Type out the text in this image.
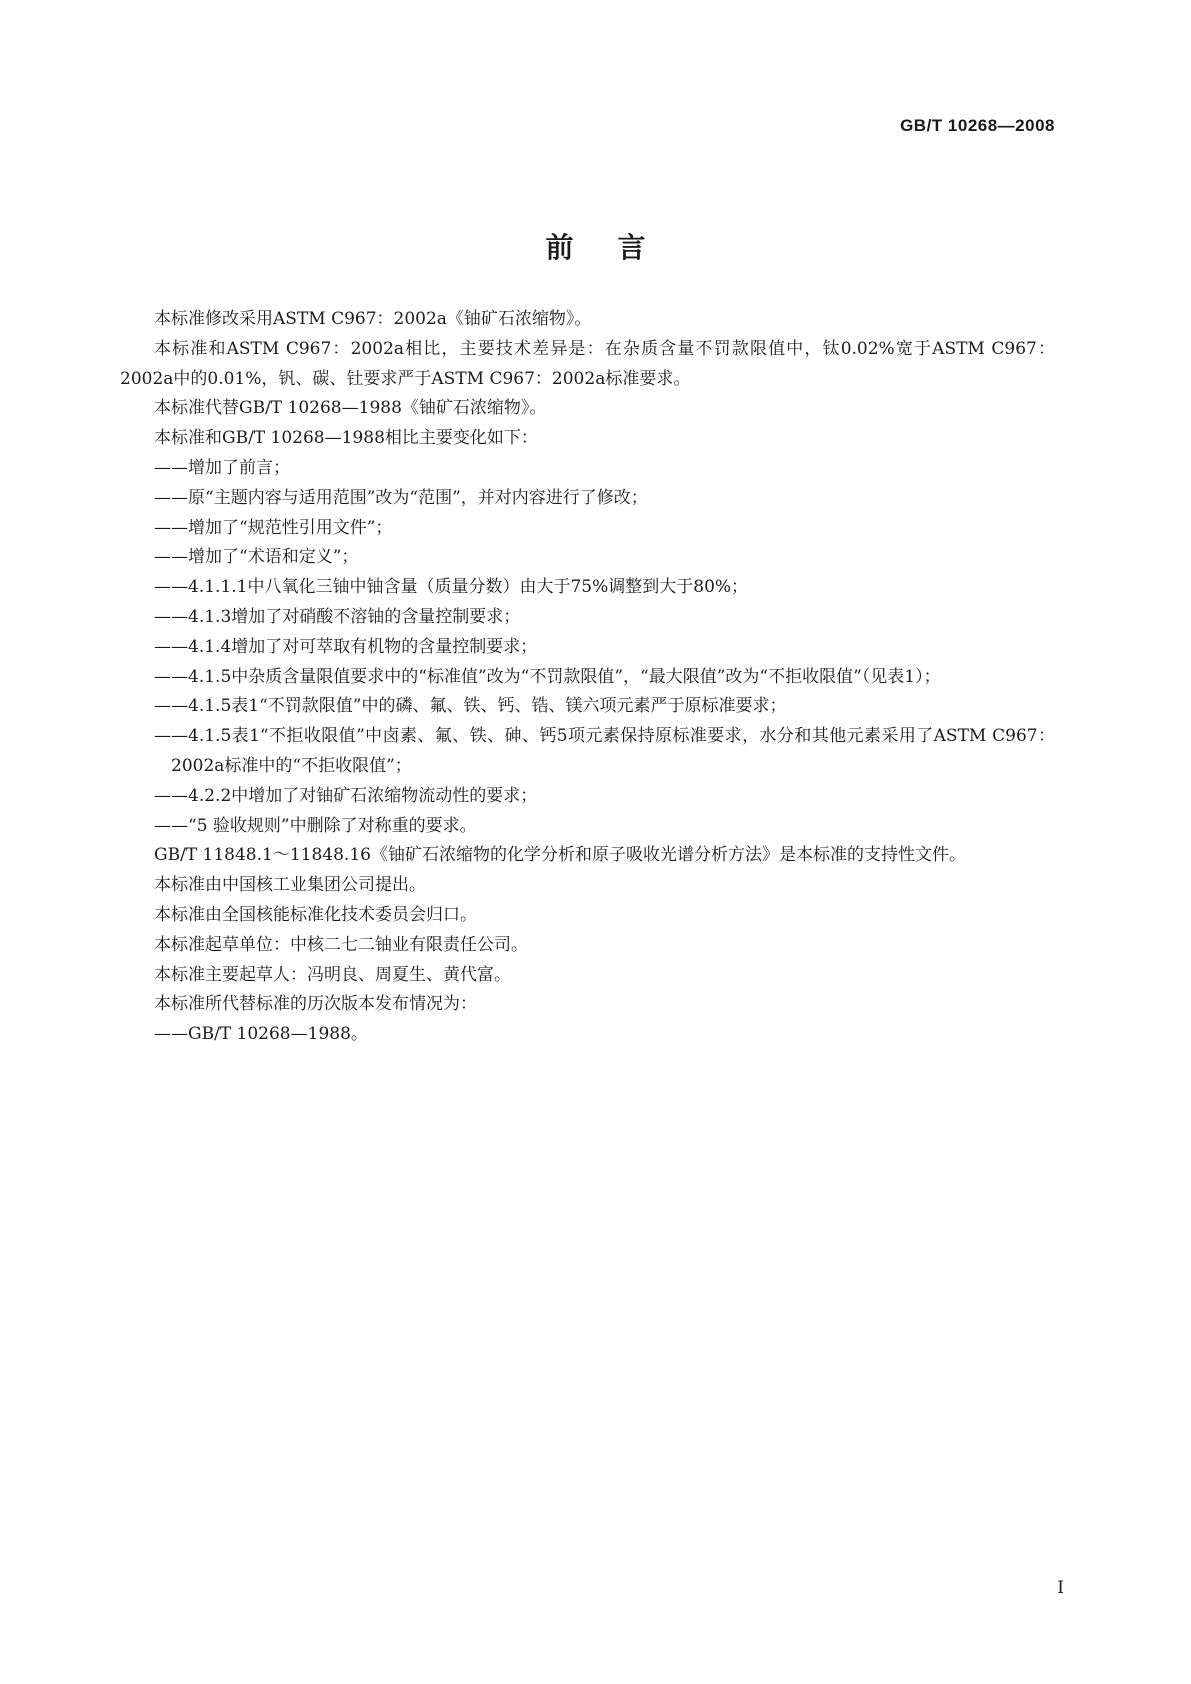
GB/T 10268—2008
前言

本标准修改采用ASTM C967：2002a《铀矿石浓缩物》。

本标准和ASTM C967：2002a相比，主要技术差异是：在杂质含量不罚款限值中，钛0.02%宽于ASTM C967：2002a中的0.01%，钒、碳、钍要求严于ASTM C967：2002a标准要求。

本标准代替GB/T 10268—1988《铀矿石浓缩物》。

本标准和GB/T 10268—1988相比主要变化如下：

——增加了前言；

——原“主题内容与适用范围”改为“范围”，并对内容进行了修改；

——增加了“规范性引用文件”；

——增加了“术语和定义”；

——4.1.1.1中八氧化三铀中铀含量（质量分数）由大于75%调整到大于80%；

——4.1.3增加了对硝酸不溶铀的含量控制要求；

——4.1.4增加了对可萃取有机物的含量控制要求；

——4.1.5中杂质含量限值要求中的“标准值”改为“不罚款限值”，“最大限值”改为“不拒收限值”（见表1）；

——4.1.5表1“不罚款限值”中的磷、氟、铁、钙、锆、镁六项元素严于原标准要求；

——4.1.5表1“不拒收限值”中卤素、氟、铁、砷、钙5项元素保持原标准要求，水分和其他元素采用了ASTM C967：2002a标准中的“不拒收限值”；

——4.2.2中增加了对铀矿石浓缩物流动性的要求；

——“5 验收规则”中删除了对称重的要求。

GB/T 11848.1～11848.16《铀矿石浓缩物的化学分析和原子吸收光谱分析方法》是本标准的支持性文件。

本标准由中国核工业集团公司提出。

本标准由全国核能标准化技术委员会归口。

本标准起草单位：中核二七二铀业有限责任公司。

本标准主要起草人：冯明良、周夏生、黄代富。

本标准所代替标准的历次版本发布情况为：

——GB/T 10268—1988。

I
